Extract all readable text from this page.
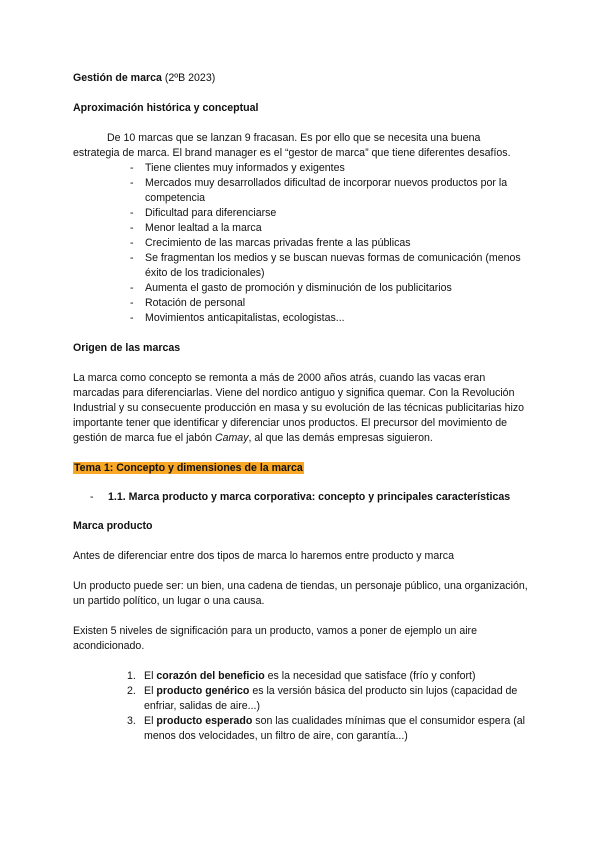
Gestión de marca (2ºB 2023)

Aproximación histórica y conceptual

De 10 marcas que se lanzan 9 fracasan. Es por ello que se necesita una buena estrategia de marca. El brand manager es el “gestor de marca” que tiene diferentes desafíos.

- Tiene clientes muy informados y exigentes
- Mercados muy desarrollados dificultad de incorporar nuevos productos por la competencia
- Dificultad para diferenciarse
- Menor lealtad a la marca
- Crecimiento de las marcas privadas frente a las públicas
- Se fragmentan los medios y se buscan nuevas formas de comunicación (menos éxito de los tradicionales)
- Aumenta el gasto de promoción y disminución de los publicitarios
- Rotación de personal
- Movimientos anticapitalistas, ecologistas...

Origen de las marcas

La marca como concepto se remonta a más de 2000 años atrás, cuando las vacas eran marcadas para diferenciarlas. Viene del nordico antiguo y significa quemar. Con la Revolución Industrial y su consecuente producción en masa y su evolución de las técnicas publicitarias hizo importante tener que identificar y diferenciar unos productos. El precursor del movimiento de gestión de marca fue el jabón Camay, al que las demás empresas siguieron.

Tema 1: Concepto y dimensiones de la marca

- 1.1. Marca producto y marca corporativa: concepto y principales características

Marca producto

Antes de diferenciar entre dos tipos de marca lo haremos entre producto y marca

Un producto puede ser: un bien, una cadena de tiendas, un personaje público, una organización, un partido político, un lugar o una causa.

Existen 5 niveles de significación para un producto, vamos a poner de ejemplo un aire acondicionado.

1. El corazón del beneficio es la necesidad que satisface (frío y confort)
2. El producto genérico es la versión básica del producto sin lujos (capacidad de enfriar, salidas de aire...)
3. El producto esperado son las cualidades mínimas que el consumidor espera (al menos dos velocidades, un filtro de aire, con garantía...)
